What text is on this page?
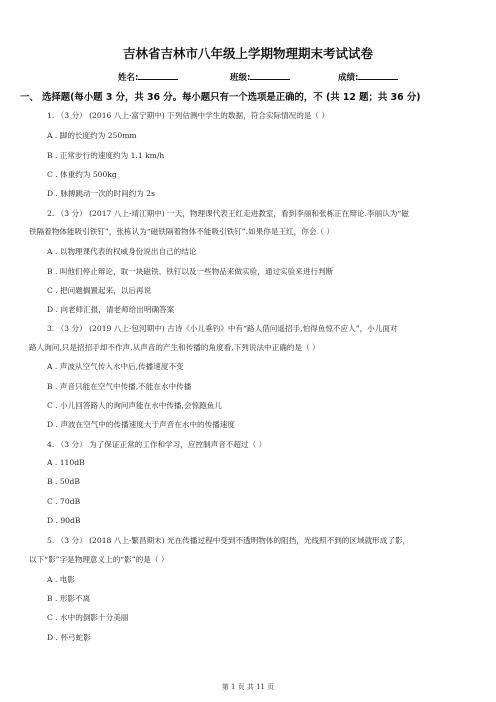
吉林省吉林市八年级上学期物理期末考试试卷
姓名:	班级:	成绩:
一、 选择题(每小题 3 分，共 36 分。每小题只有一个选项是正确的，不 (共 12 题；共 36 分)
1. （3 分） (2016 八上·富宁期中) 下列估测中学生的数据，符合实际情况的是（ ）
A . 脚的长度约为 250mm
B . 正常步行的速度约为 1.1 km/h
C . 体重约为 500kg
D . 脉搏跳动一次的时间约为 2s
2. （3 分） (2017 八上·靖江期中) 一天，物理课代表王红走进教室，看到李丽和张栋正在辩论.李丽认为“磁
铁隔着物体能吸引铁钉”，张栋认为“磁铁隔着物体不能吸引铁钉”.如果你是王红，你会（ ）
A . 以物理课代表的权威身份说出自己的结论
B . 叫他们停止辩论，取一块磁铁、铁钉以及一些物品来做实验，通过实验来进行判断
C . 把问题搁置起来，以后再说
D . 向老师汇报，请老师给出明确答案
3. （3 分） (2019 八上·包河期中) 古诗《小儿垂钓》中有“路人借问遥招手,怕得鱼惊不应人”，小儿面对
路人询问,只是招招手却不作声,从声音的产生和传播的角度看,下列说法中正确的是（ ）
A . 声波从空气传入水中后,传播速度不变
B . 声音只能在空气中传播,不能在水中传播
C . 小儿回答路人的询问声能在水中传播,会惊跑鱼儿
D . 声波在空气中的传播速度大于声音在水中的传播速度
4. （3 分） 为了保证正常的工作和学习，应控制声音不超过（ ）
A . 110dB
B . 50dB
C . 70dB
D . 90dB
5. （3 分） (2018 八上·繁昌期末) 光在传播过程中受到不透明物体的阻挡，光线照不到的区域就形成了影，
以下“影”字是物理意义上的“影”的是（ ）
A . 电影
B . 形影不离
C . 水中的倒影十分美丽
D . 杯弓蛇影
第 1 页 共 11 页
